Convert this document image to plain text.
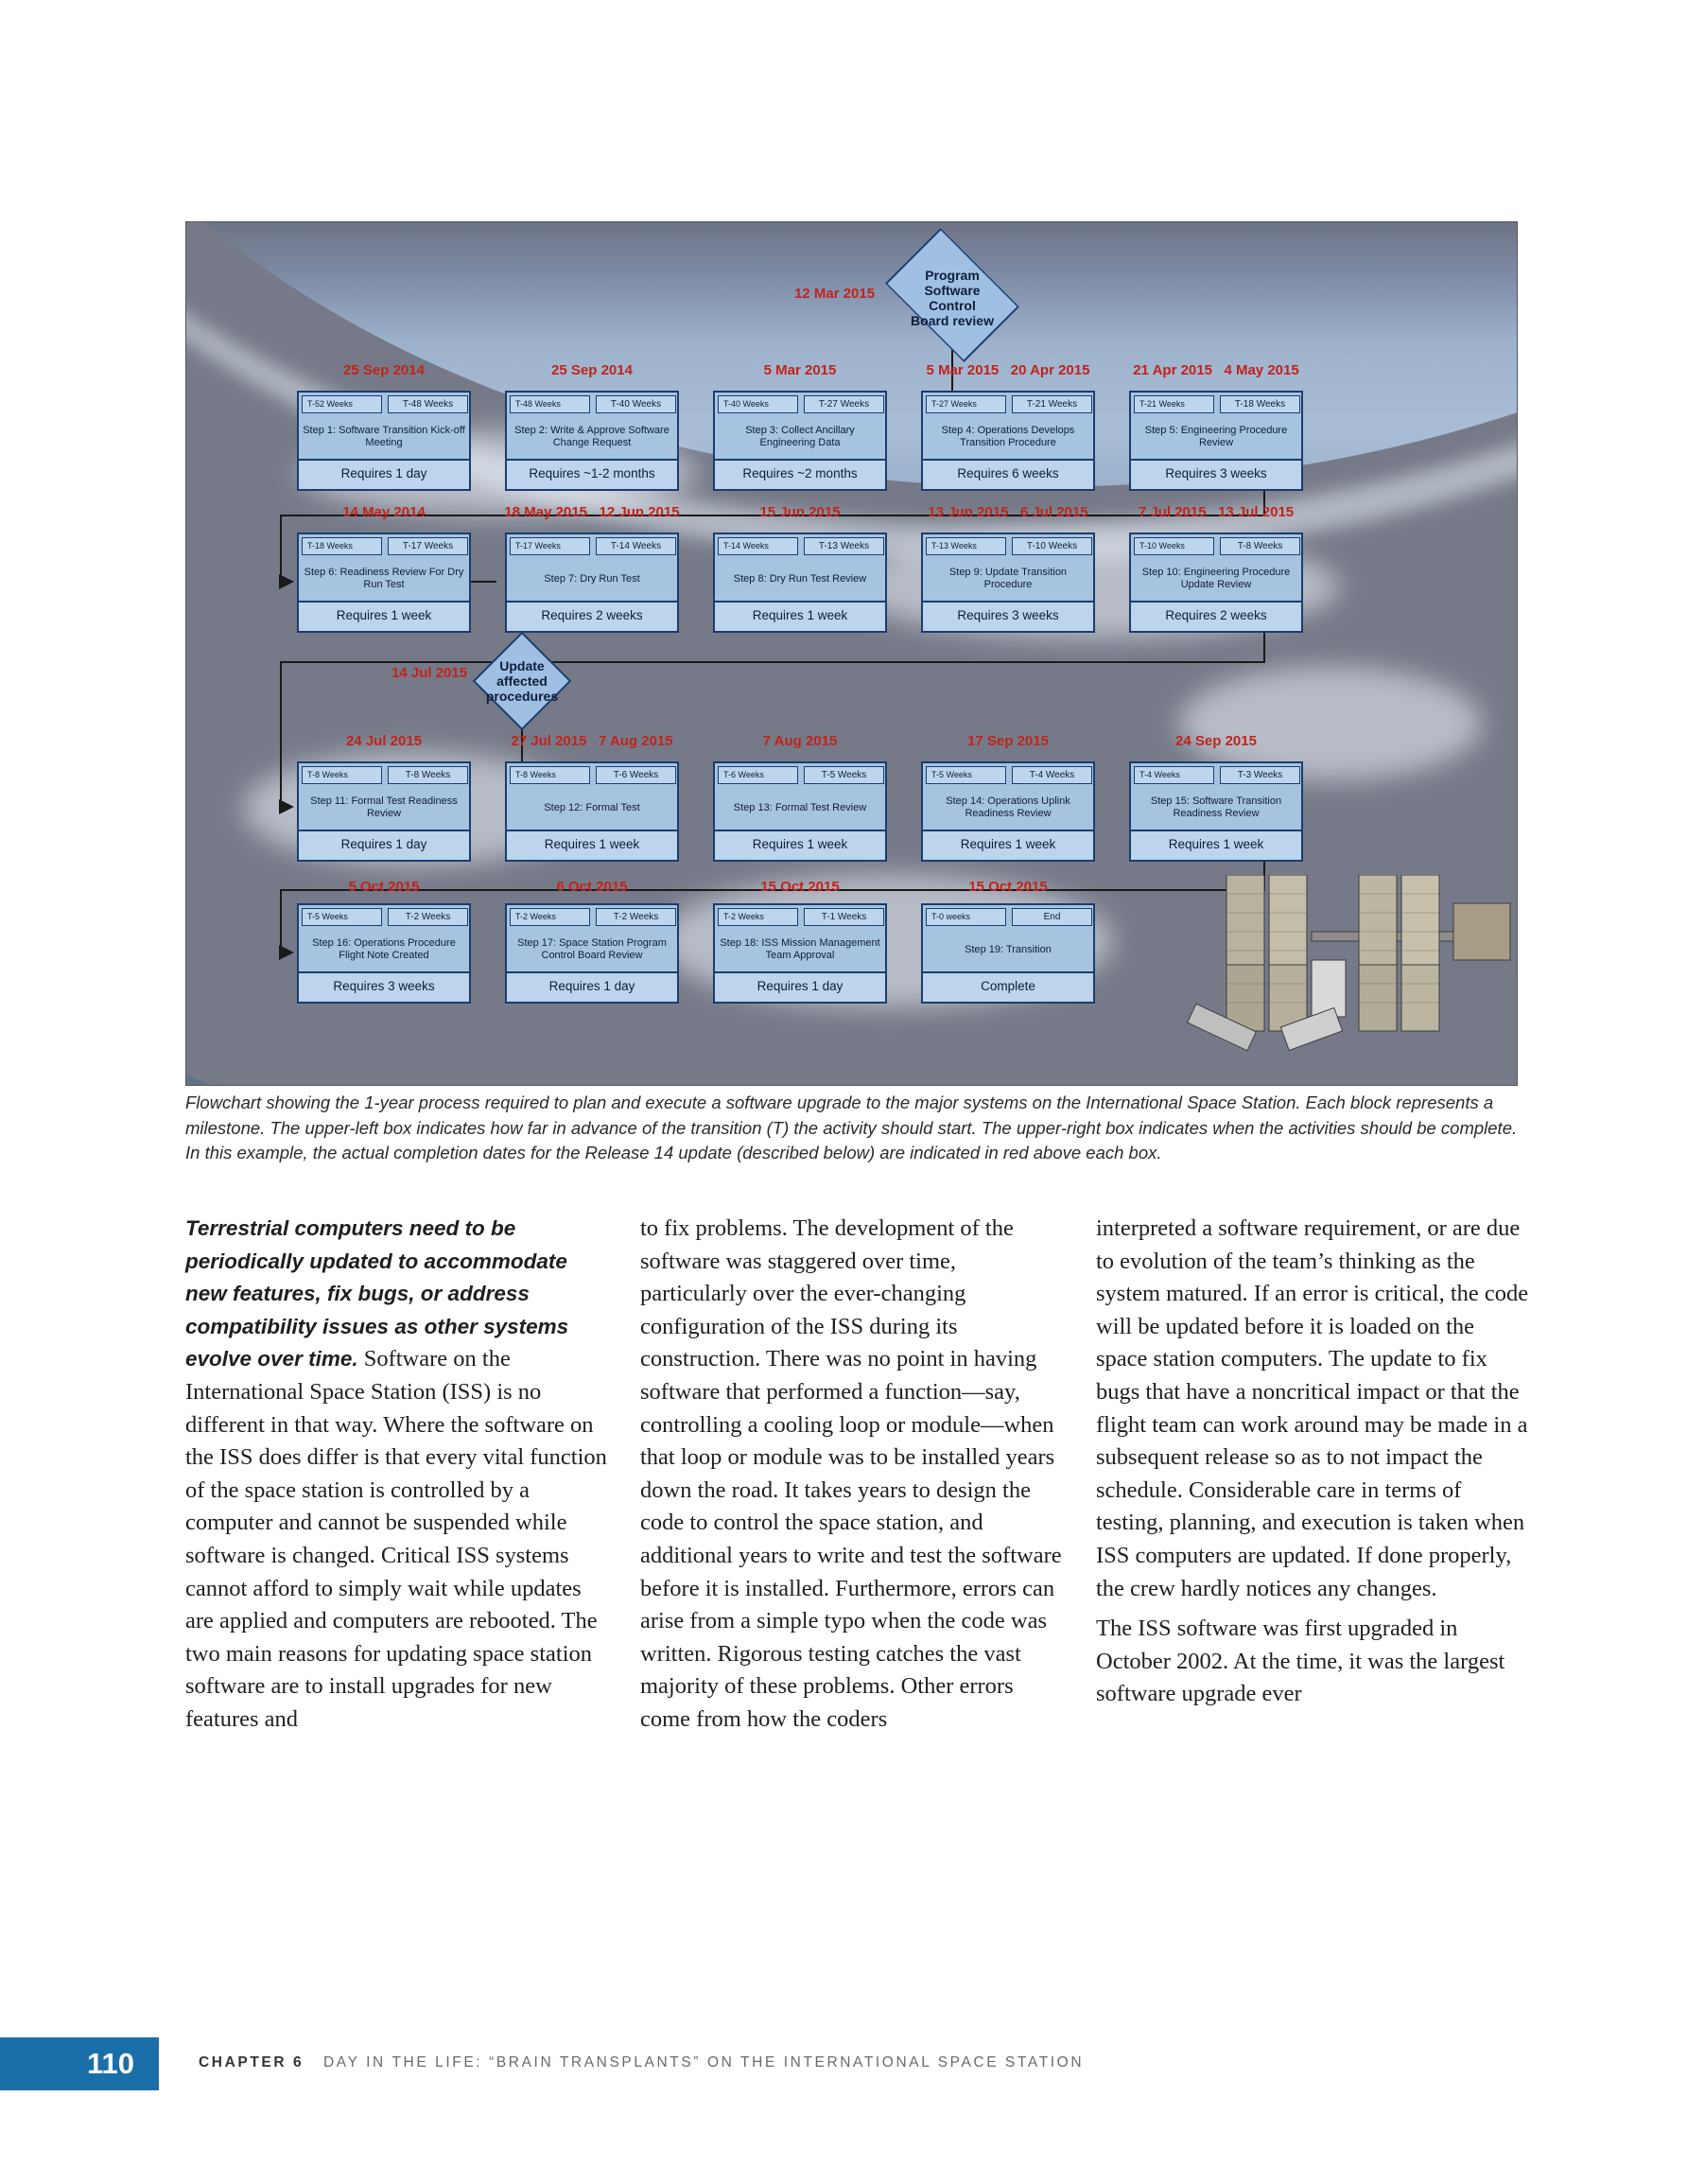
12 Mar 2015
Program Software Control Board review
14 Jul 2015	Update affected procedures
25 Sep 2014
T-52 Weeks	T-48 Weeks
Step 1: Software Transition Kick-off Meeting
Requires 1 day
25 Sep 2014
T-48 Weeks	T-40 Weeks
Step 2: Write & Approve Software Change Request
Requires ~1-2 months
5 Mar 2015
T-40 Weeks	T-27 Weeks
Step 3: Collect Ancillary Engineering Data
Requires ~2 months
5 Mar 2015   20 Apr 2015
T-27 Weeks	T-21 Weeks
Step 4: Operations Develops Transition Procedure
Requires 6 weeks
21 Apr 2015   4 May 2015
T-21 Weeks	T-18 Weeks
Step 5: Engineering Procedure Review
Requires 3 weeks
14 May 2014
T-18 Weeks	T-17 Weeks
Step 6: Readiness Review For Dry Run Test
Requires 1 week
18 May 2015   12 Jun 2015
T-17 Weeks	T-14 Weeks
Step 7: Dry Run Test
Requires 2 weeks
15 Jun 2015
T-14 Weeks	T-13 Weeks
Step 8: Dry Run Test Review
Requires 1 week
13 Jun 2015   6 Jul 2015
T-13 Weeks	T-10 Weeks
Step 9: Update Transition Procedure
Requires 3 weeks
7 Jul 2015   13 Jul 2015
T-10 Weeks	T-8 Weeks
Step 10: Engineering Procedure Update Review
Requires 2 weeks
24 Jul 2015
T-8 Weeks	T-8 Weeks
Step 11: Formal Test Readiness Review
Requires 1 day
27 Jul 2015   7 Aug 2015
T-8 Weeks	T-6 Weeks
Step 12: Formal Test
Requires 1 week
7 Aug 2015
T-6 Weeks	T-5 Weeks
Step 13: Formal Test Review
Requires 1 week
17 Sep 2015
T-5 Weeks	T-4 Weeks
Step 14: Operations Uplink Readiness Review
Requires 1 week
24 Sep 2015
T-4 Weeks	T-3 Weeks
Step 15: Software Transition Readiness Review
Requires 1 week
5 Oct 2015
T-5 Weeks	T-2 Weeks
Step 16: Operations Procedure Flight Note Created
Requires 3 weeks
6 Oct 2015
T-2 Weeks	T-2 Weeks
Step 17: Space Station Program Control Board Review
Requires 1 day
15 Oct 2015
T-2 Weeks	T-1 Weeks
Step 18: ISS Mission Management Team Approval
Requires 1 day
15 Oct 2015
T-0 weeks	End
Step 19: Transition
Complete
Flowchart showing the 1-year process required to plan and execute a software upgrade to the major systems on the International Space Station. Each block represents a milestone. The upper-left box indicates how far in advance of the transition (T) the activity should start. The upper-right box indicates when the activities should be complete. In this example, the actual completion dates for the Release 14 update (described below) are indicated in red above each box.

Terrestrial computers need to be periodically updated to accommodate new features, fix bugs, or address compatibility issues as other systems evolve over time. Software on the International Space Station (ISS) is no different in that way. Where the software on the ISS does differ is that every vital function of the space station is controlled by a computer and cannot be suspended while software is changed. Critical ISS systems cannot afford to simply wait while updates are applied and computers are rebooted. The two main reasons for updating space station software are to install upgrades for new features and

to fix problems. The development of the software was staggered over time, particularly over the ever-changing configuration of the ISS during its construction. There was no point in having software that performed a function—say, controlling a cooling loop or module—when that loop or module was to be installed years down the road. It takes years to design the code to control the space station, and additional years to write and test the software before it is installed. Furthermore, errors can arise from a simple typo when the code was written. Rigorous testing catches the vast majority of these problems. Other errors come from how the coders

interpreted a software requirement, or are due to evolution of the team’s thinking as the system matured. If an error is critical, the code will be updated before it is loaded on the space station computers. The update to fix bugs that have a noncritical impact or that the flight team can work around may be made in a subsequent release so as to not impact the schedule. Considerable care in terms of testing, planning, and execution is taken when ISS computers are updated. If done properly, the crew hardly notices any changes.

The ISS software was first upgraded in October 2002. At the time, it was the largest software upgrade ever

110	CHAPTER 6 DAY IN THE LIFE: “BRAIN TRANSPLANTS” ON THE INTERNATIONAL SPACE STATION
